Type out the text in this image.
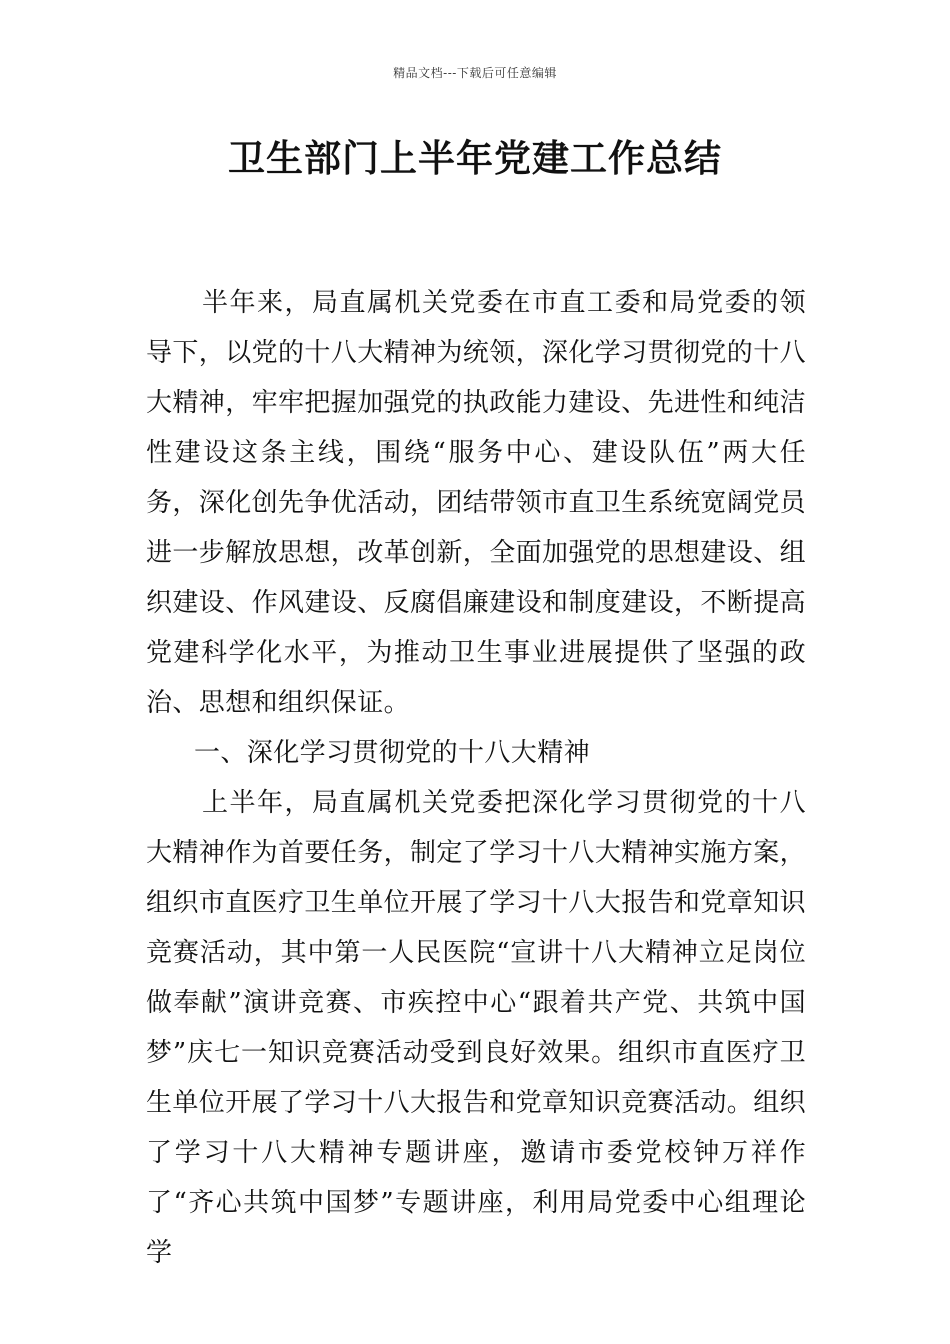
精品文档---下载后可任意编辑
卫生部门上半年党建工作总结

半年来，局直属机关党委在市直工委和局党委的领导下，以党的十八大精神为统领，深化学习贯彻党的十八大精神，牢牢把握加强党的执政能力建设、先进性和纯洁性建设这条主线，围绕“服务中心、建设队伍”两大任务，深化创先争优活动，团结带领市直卫生系统宽阔党员进一步解放思想，改革创新，全面加强党的思想建设、组织建设、作风建设、反腐倡廉建设和制度建设，不断提高党建科学化水平，为推动卫生事业进展提供了坚强的政治、思想和组织保证。

一、深化学习贯彻党的十八大精神

上半年，局直属机关党委把深化学习贯彻党的十八大精神作为首要任务，制定了学习十八大精神实施方案，组织市直医疗卫生单位开展了学习十八大报告和党章知识竞赛活动，其中第一人民医院“宣讲十八大精神立足岗位做奉献”演讲竞赛、市疾控中心“跟着共产党、共筑中国梦”庆七一知识竞赛活动受到良好效果。组织市直医疗卫生单位开展了学习十八大报告和党章知识竞赛活动。组织了学习十八大精神专题讲座，邀请市委党校钟万祥作了“齐心共筑中国梦”专题讲座，利用局党委中心组理论学
